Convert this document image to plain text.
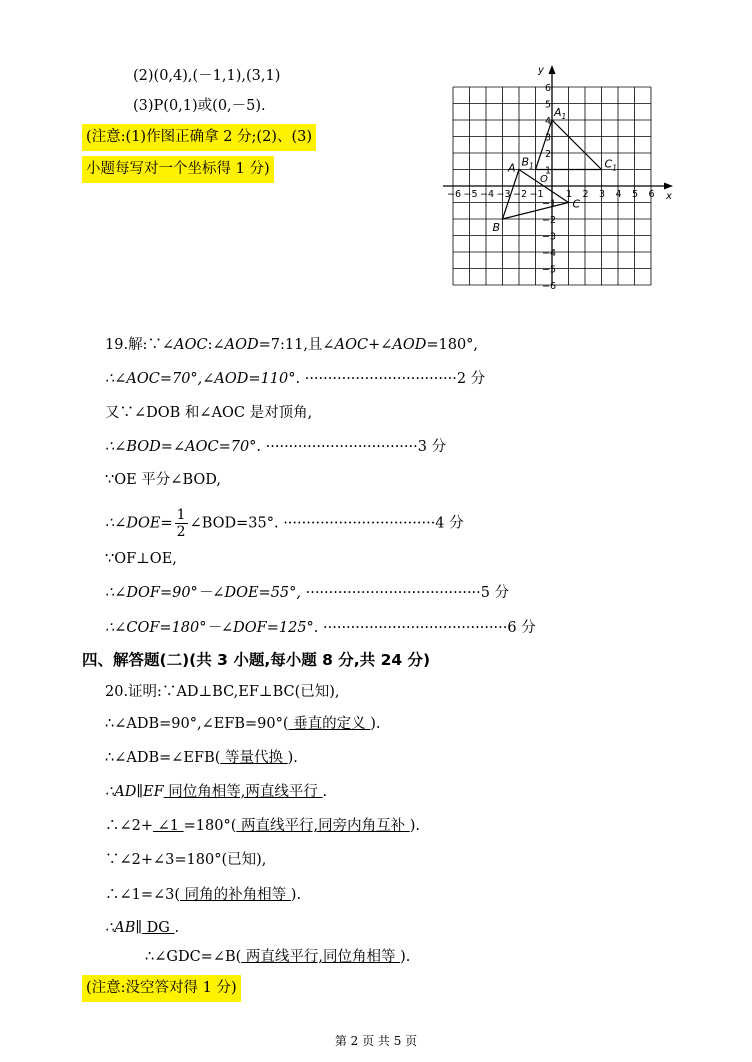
(2)(0,4),(－1,1),(3,1)
(3)P(0,1)或(0,－5).
(注意:(1)作图正确拿 2 分;(2)、(3)
小题每写对一个坐标得 1 分)
x
y
O
−6 −5 −4 −3 −2 −1 1 2 3 4 5 6
6
5
4
3
2
1
−1
−2
−3
−4
−5
−6
A
B
C
$A_1$
$B_1$	$C_1$
19.解:∵∠AOC:∠AOD=7:11,且∠AOC+∠AOD=180°,
∴∠AOC=70°,∠AOD=110°. ·································2 分
又∵∠DOB 和∠AOC 是对顶角,
∴∠BOD=∠AOC=70°. ·································3 分
∵OE 平分∠BOD,
∴∠DOE= $\frac{1}{2}$ ∠BOD=35°. ·································4 分
∵OF⊥OE,
∴∠DOF=90°－∠DOE=55°, ······································5 分
∴∠COF=180°－∠DOF=125°. ········································6 分
四、解答题(二)(共 3 小题,每小题 8 分,共 24 分)
20.证明:∵AD⊥BC,EF⊥BC(已知),
∴∠ADB=90°,∠EFB=90°( 垂直的定义 ).
∴∠ADB=∠EFB( 等量代换 ).
∴AD∥EF 同位角相等,两直线平行 .
∴∠2+ ∠1 =180°( 两直线平行,同旁内角互补 ).
∵∠2+∠3=180°(已知),
∴∠1=∠3( 同角的补角相等 ).
∴AB∥ DG .
∴∠GDC=∠B( 两直线平行,同位角相等 ).
(注意:没空答对得 1 分)
第 2 页 共 5 页
